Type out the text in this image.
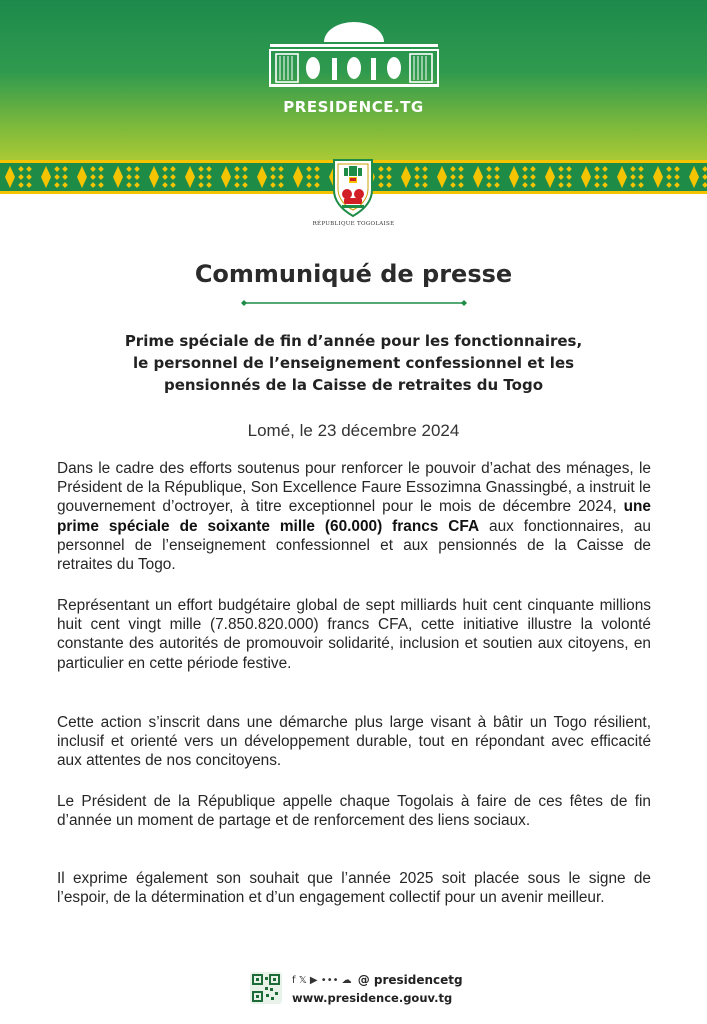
PRESIDENCE.TG
RÉPUBLIQUE TOGOLAISE
Communiqué de presse
Prime spéciale de fin d’année pour les fonctionnaires,
le personnel de l’enseignement confessionnel et les
pensionnés de la Caisse de retraites du Togo
Lomé, le 23 décembre 2024

Dans le cadre des efforts soutenus pour renforcer le pouvoir d’achat des ménages, le Président de la République, Son Excellence Faure Essozimna Gnassingbé, a instruit le gouvernement d’octroyer, à titre exceptionnel pour le mois de décembre 2024, une prime spéciale de soixante mille (60.000) francs CFA aux fonctionnaires, au personnel de l’enseignement confessionnel et aux pensionnés de la Caisse de retraites du Togo.

Représentant un effort budgétaire global de sept milliards huit cent cinquante millions huit cent vingt mille (7.850.820.000) francs CFA, cette initiative illustre la volonté constante des autorités de promouvoir solidarité, inclusion et soutien aux citoyens, en particulier en cette période festive.

Cette action s’inscrit dans une démarche plus large visant à bâtir un Togo résilient, inclusif et orienté vers un développement durable, tout en répondant avec efficacité aux attentes de nos concitoyens.

Le Président de la République appelle chaque Togolais à faire de ces fêtes de fin d’année un moment de partage et de renforcement des liens sociaux.

Il exprime également son souhait que l’année 2025 soit placée sous le signe de l’espoir, de la détermination et d’un engagement collectif pour un avenir meilleur.

f 𝕏 ▶ ••• ☁ @ presidencetg
www.presidence.gouv.tg
